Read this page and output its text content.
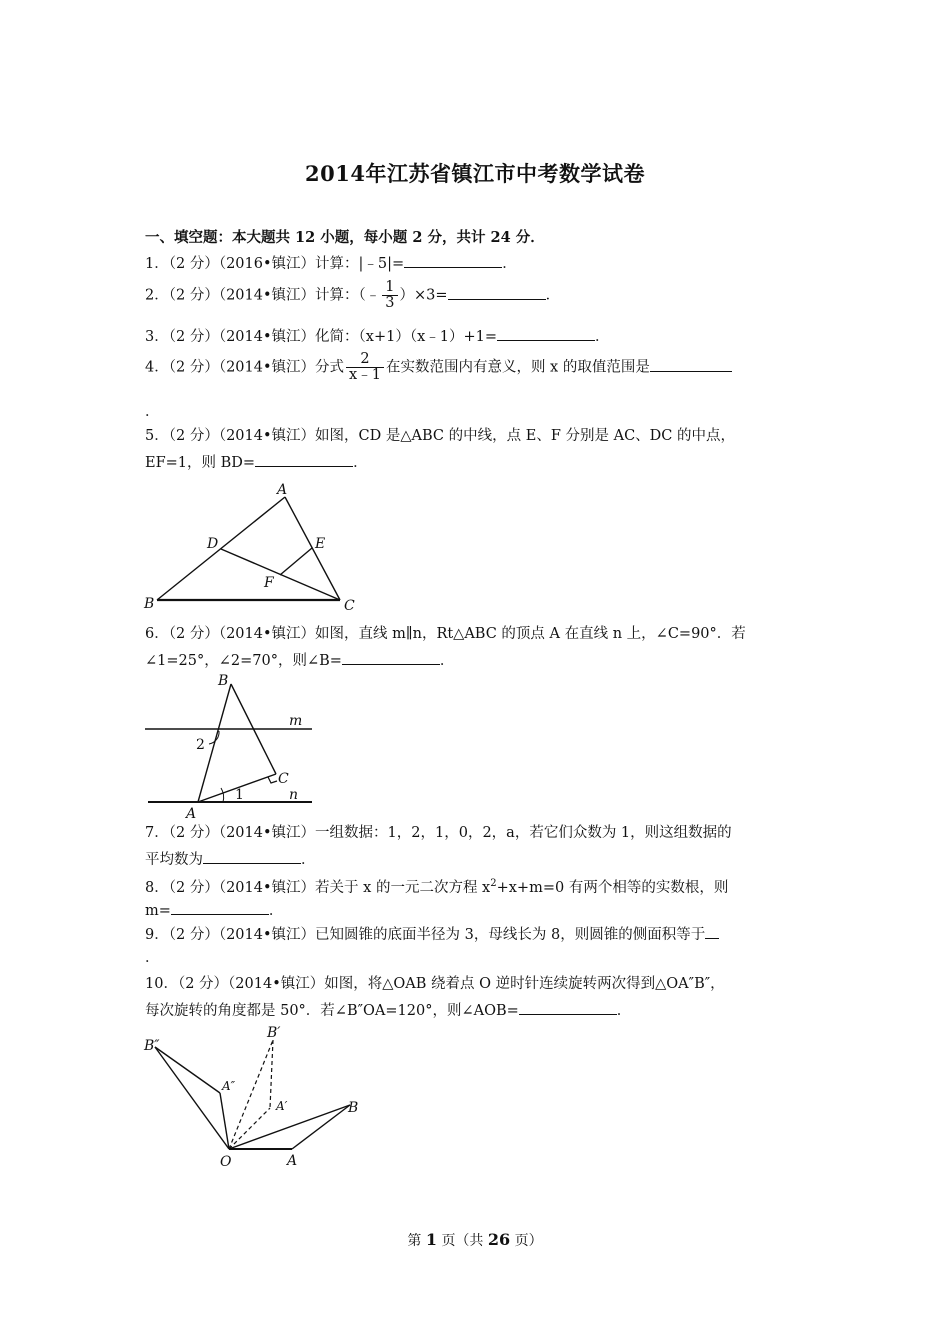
2014年江苏省镇江市中考数学试卷
一、填空题：本大题共 12 小题，每小题 2 分，共计 24 分．
1．（2 分）（2016•镇江）计算：|﹣5|=	．
2．（2 分）（2014•镇江）计算：（﹣ $\frac{1}{3} )\times 3=$	．
3．（2 分）（2014•镇江）化简：（x+1）（x﹣1）+1=	．
4．（2 分）（2014•镇江）分式 $\frac{2}{x﹣1}$ 在实数范围内有意义，则 x 的取值范围是
．
5．（2 分）（2014•镇江）如图，CD 是△ABC 的中线，点 E、F 分别是 AC、DC 的中点，
EF=1，则 BD=	．
A
B	C
D	E
F
6．（2 分）（2014•镇江）如图，直线 m∥n，Rt△ABC 的顶点 A 在直线 n 上，∠C=90°．若
∠1=25°，∠2=70°，则∠B=	．
B
m
n
C
A
1
2
7．（2 分）（2014•镇江）一组数据：1，2，1，0，2，a，若它们众数为 1，则这组数据的
平均数为	．
8．（2 分）（2014•镇江）若关于 x 的一元二次方程 $x^2+x+m=0$ 有两个相等的实数根，则
m=	．
9．（2 分）（2014•镇江）已知圆锥的底面半径为 3，母线长为 8，则圆锥的侧面积等于
．
10．（2 分）（2014•镇江）如图，将△OAB 绕着点 O 逆时针连续旋转两次得到△OA″B″，
每次旋转的角度都是 50°．若∠B″OA=120°，则∠AOB=	．
O	A
B
A′
B′
A″
B″
第 1 页（共 26 页）
